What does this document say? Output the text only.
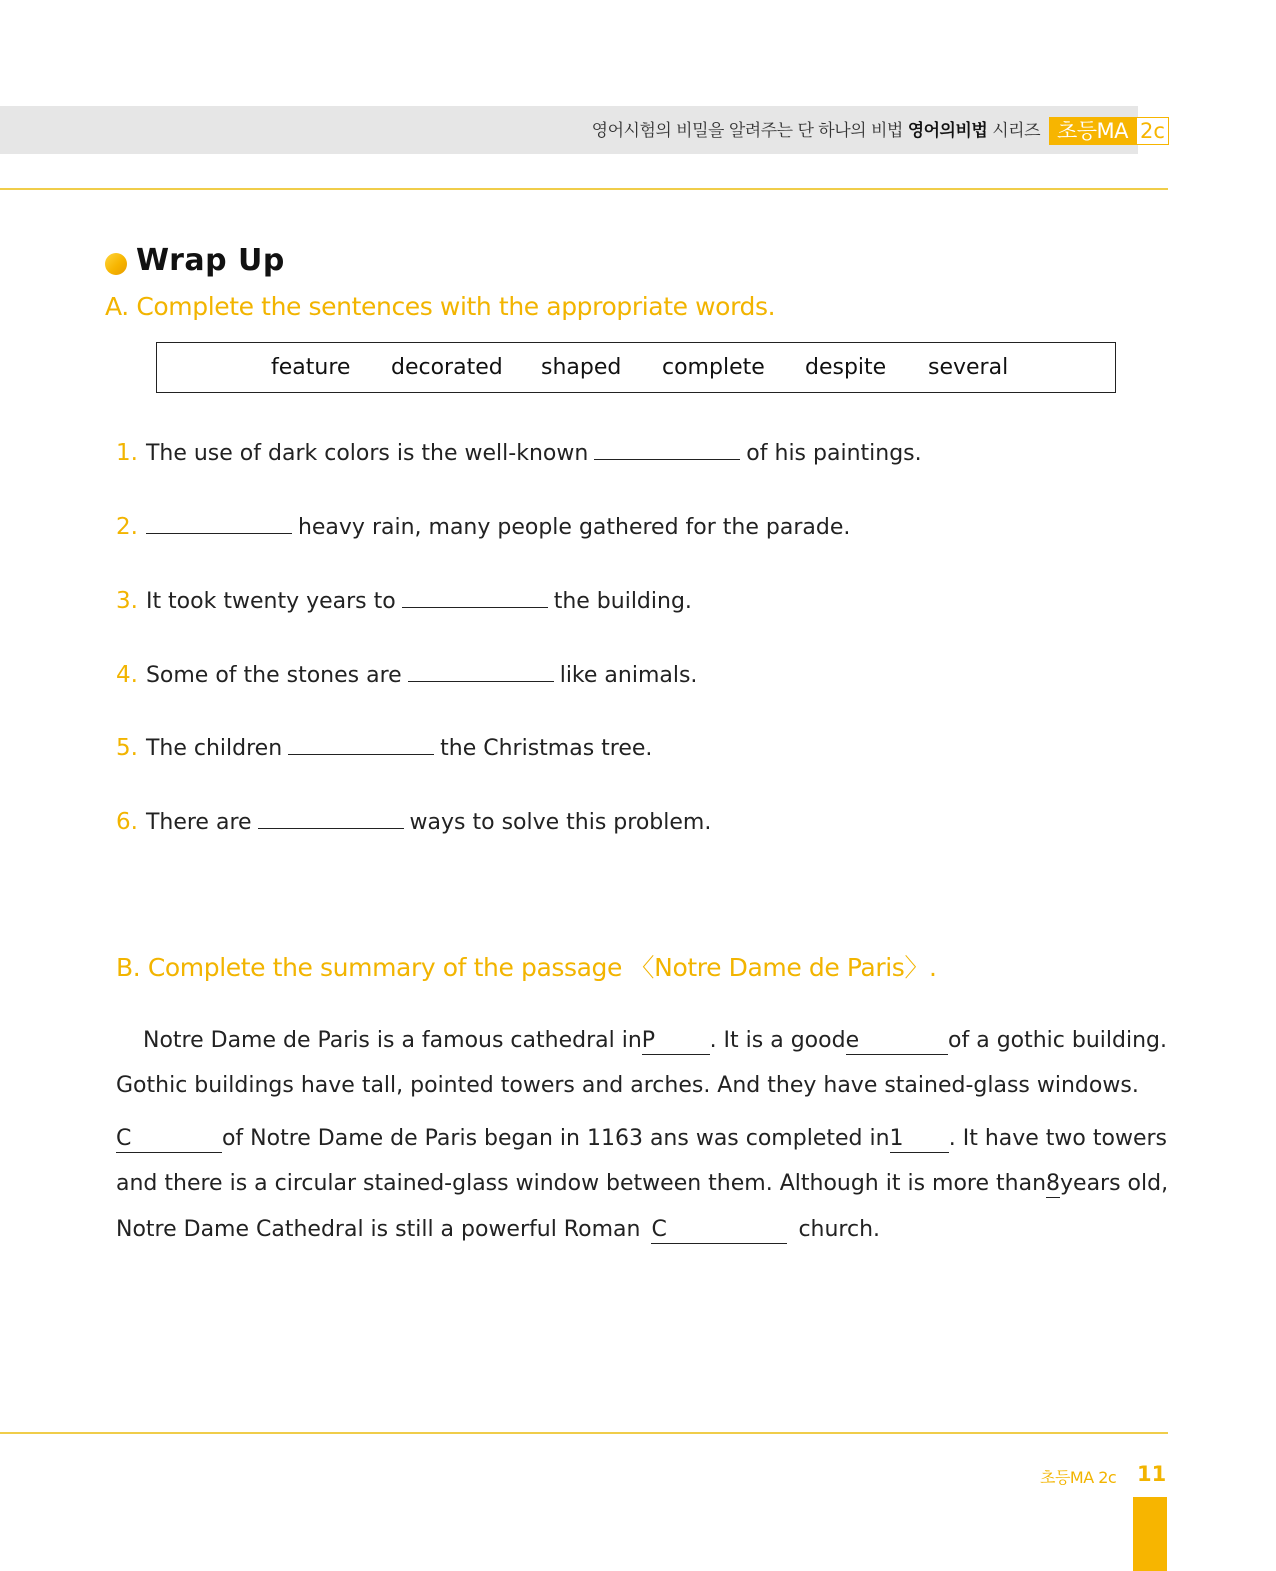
영어시험의 비밀을 알려주는 단 하나의 비법 영어의비법 시리즈 초등MA 2c
Wrap Up
A. Complete the sentences with the appropriate words.
feature decorated shaped complete despite several
1. The use of dark colors is the well-known	of his paintings.
2.	heavy rain, many people gathered for the parade.
3. It took twenty years to	the building.
4. Some of the stones are	like animals.
5. The children	the Christmas tree.
6. There are	ways to solve this problem.
B. Complete the summary of the passage 〈Notre Dame de Paris〉.
Notre Dame de Paris is a famous cathedral in P	. It is a good e	of a gothic building.
Gothic buildings have tall, pointed towers and arches. And they have stained-glass windows.
C	of Notre Dame de Paris began in 1163 ans was completed in 1	. It have two towers
and there is a circular stained-glass window between them. Although it is more than 8 years old,
Notre Dame Cathedral is still a powerful Roman C	church.
초등MA 2c 11
